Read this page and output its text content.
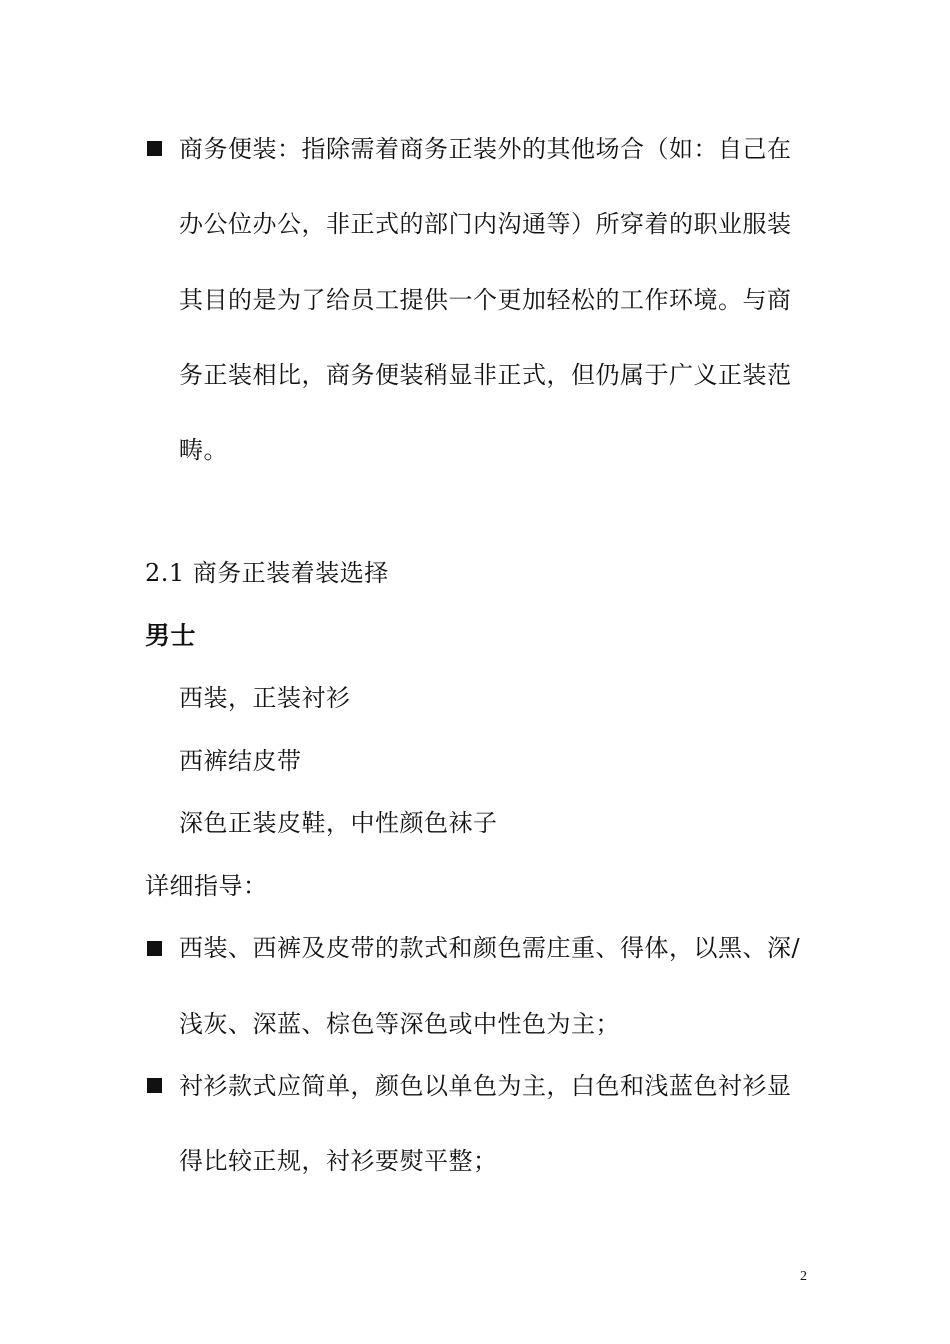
商务便装：指除需着商务正装外的其他场合（如：自己在
办公位办公，非正式的部门内沟通等）所穿着的职业服装
其目的是为了给员工提供一个更加轻松的工作环境。与商
务正装相比，商务便装稍显非正式，但仍属于广义正装范
畴。
2.1 商务正装着装选择
男士
西装，正装衬衫
西裤结皮带
深色正装皮鞋，中性颜色袜子
详细指导：
西装、西裤及皮带的款式和颜色需庄重、得体，以黑、深/
浅灰、深蓝、棕色等深色或中性色为主；
衬衫款式应简单，颜色以单色为主，白色和浅蓝色衬衫显
得比较正规，衬衫要熨平整；
2
